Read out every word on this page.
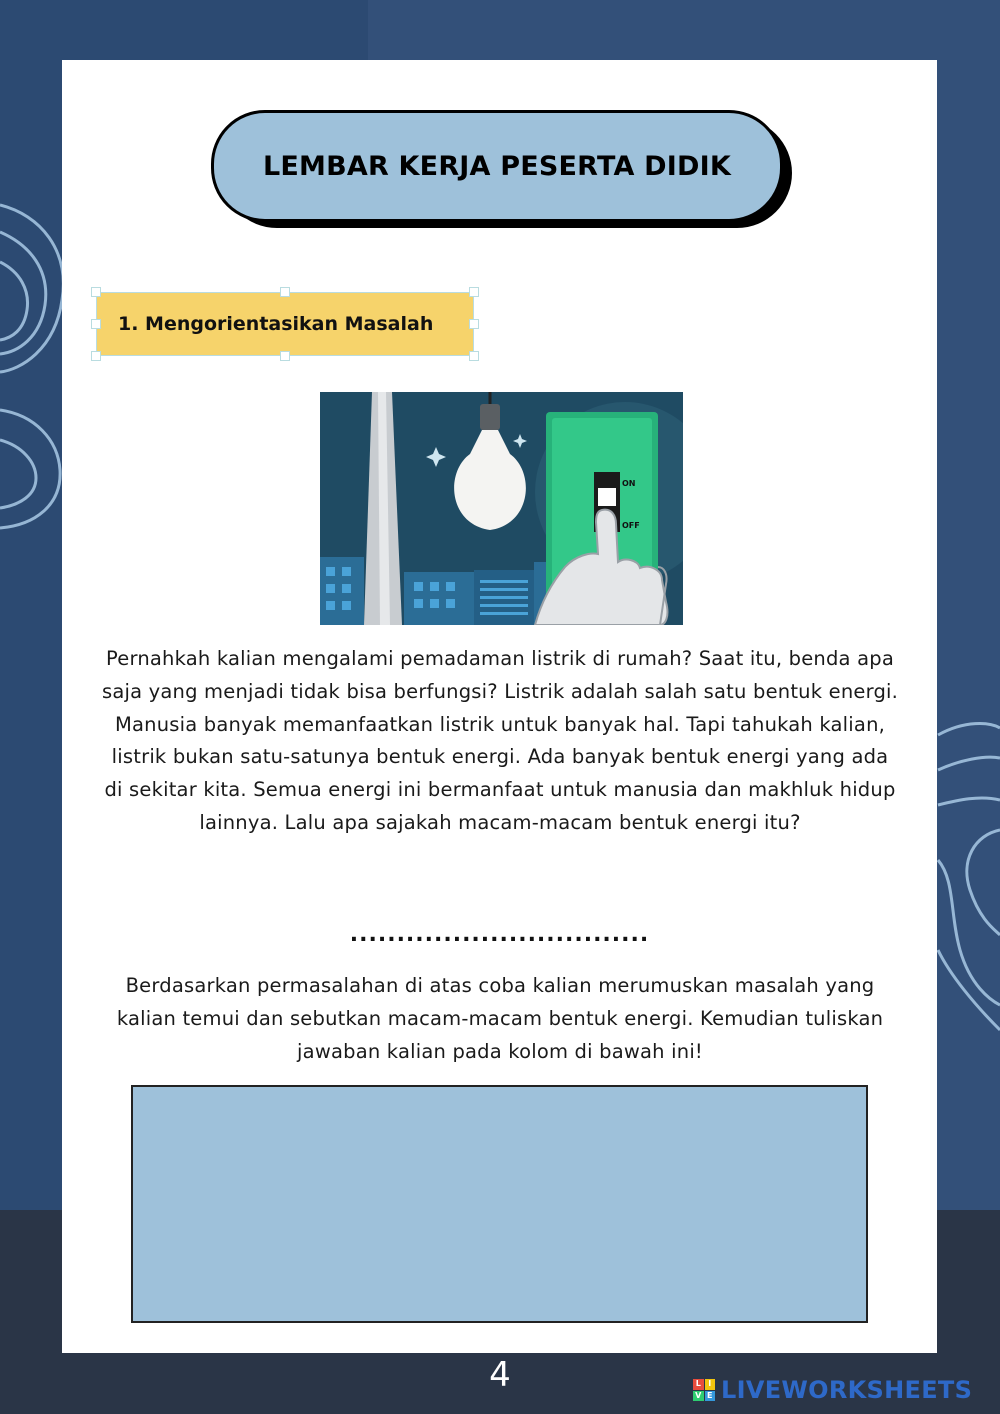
LEMBAR KERJA PESERTA DIDIK
1. Mengorientasikan Masalah
ON
OFF

Pernahkah kalian mengalami pemadaman listrik di rumah? Saat itu, benda apa saja yang menjadi tidak bisa berfungsi? Listrik adalah salah satu bentuk energi. Manusia banyak memanfaatkan listrik untuk banyak hal. Tapi tahukah kalian, listrik bukan satu-satunya bentuk energi. Ada banyak bentuk energi yang ada di sekitar kita. Semua energi ini bermanfaat untuk manusia dan makhluk hidup lainnya. Lalu apa sajakah macam-macam bentuk energi itu?

................................

Berdasarkan permasalahan di atas coba kalian merumuskan masalah yang kalian temui dan sebutkan macam-macam bentuk energi. Kemudian tuliskan jawaban kalian pada kolom di bawah ini!

4	L I
V E LIVEWORKSHEETS
